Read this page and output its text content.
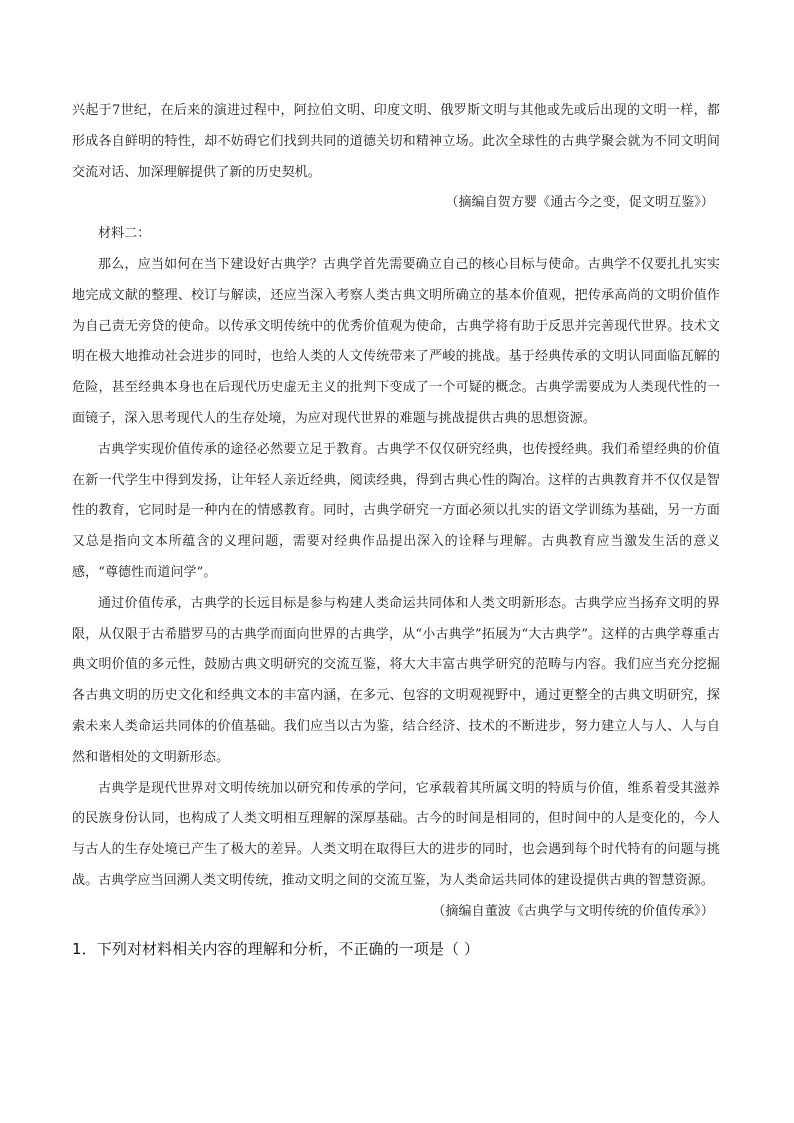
兴起于7世纪，在后来的演进过程中，阿拉伯文明、印度文明、俄罗斯文明与其他或先或后出现的文明一样，都形成各自鲜明的特性，却不妨碍它们找到共同的道德关切和精神立场。此次全球性的古典学聚会就为不同文明间交流对话、加深理解提供了新的历史契机。

（摘编自贺方婴《通古今之变，促文明互鉴》）

材料二：

那么，应当如何在当下建设好古典学？古典学首先需要确立自己的核心目标与使命。古典学不仅要扎扎实实地完成文献的整理、校订与解读，还应当深入考察人类古典文明所确立的基本价值观，把传承高尚的文明价值作为自己责无旁贷的使命。以传承文明传统中的优秀价值观为使命，古典学将有助于反思并完善现代世界。技术文明在极大地推动社会进步的同时，也给人类的人文传统带来了严峻的挑战。基于经典传承的文明认同面临瓦解的危险，甚至经典本身也在后现代历史虚无主义的批判下变成了一个可疑的概念。古典学需要成为人类现代性的一面镜子，深入思考现代人的生存处境，为应对现代世界的难题与挑战提供古典的思想资源。

古典学实现价值传承的途径必然要立足于教育。古典学不仅仅研究经典，也传授经典。我们希望经典的价值在新一代学生中得到发扬，让年轻人亲近经典，阅读经典，得到古典心性的陶冶。这样的古典教育并不仅仅是智性的教育，它同时是一种内在的情感教育。同时，古典学研究一方面必须以扎实的语文学训练为基础，另一方面又总是指向文本所蕴含的义理问题，需要对经典作品提出深入的诠释与理解。古典教育应当激发生活的意义感，“尊德性而道问学”。

通过价值传承，古典学的长远目标是参与构建人类命运共同体和人类文明新形态。古典学应当扬弃文明的界限，从仅限于古希腊罗马的古典学而面向世界的古典学，从“小古典学”拓展为“大古典学”。这样的古典学尊重古典文明价值的多元性，鼓励古典文明研究的交流互鉴，将大大丰富古典学研究的范畴与内容。我们应当充分挖掘各古典文明的历史文化和经典文本的丰富内涵，在多元、包容的文明观视野中，通过更整全的古典文明研究，探索未来人类命运共同体的价值基础。我们应当以古为鉴，结合经济、技术的不断进步，努力建立人与人、人与自然和谐相处的文明新形态。

古典学是现代世界对文明传统加以研究和传承的学问，它承载着其所属文明的特质与价值，维系着受其滋养的民族身份认同，也构成了人类文明相互理解的深厚基础。古今的时间是相同的，但时间中的人是变化的，今人与古人的生存处境已产生了极大的差异。人类文明在取得巨大的进步的同时，也会遇到每个时代特有的问题与挑战。古典学应当回溯人类文明传统，推动文明之间的交流互鉴，为人类命运共同体的建设提供古典的智慧资源。

（摘编自董波《古典学与文明传统的价值传承》）

1．下列对材料相关内容的理解和分析，不正确的一项是（ ）
